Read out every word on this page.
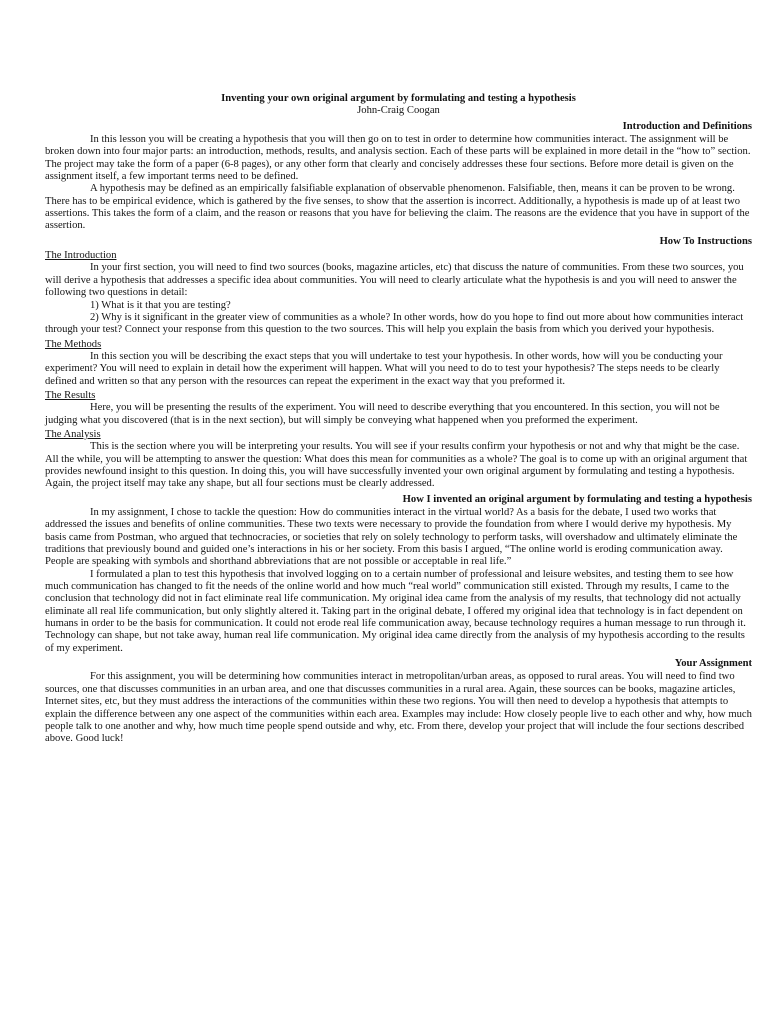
Inventing your own original argument by formulating and testing a hypothesis

John-Craig Coogan

Introduction and Definitions

In this lesson you will be creating a hypothesis that you will then go on to test in order to determine how communities interact. The assignment will be broken down into four major parts: an introduction, methods, results, and analysis section. Each of these parts will be explained in more detail in the “how to” section. The project may take the form of a paper (6-8 pages), or any other form that clearly and concisely addresses these four sections. Before more detail is given on the assignment itself, a few important terms need to be defined.

A hypothesis may be defined as an empirically falsifiable explanation of observable phenomenon. Falsifiable, then, means it can be proven to be wrong. There has to be empirical evidence, which is gathered by the five senses, to show that the assertion is incorrect. Additionally, a hypothesis is made up of at least two assertions. This takes the form of a claim, and the reason or reasons that you have for believing the claim. The reasons are the evidence that you have in support of the assertion.

How To Instructions

The Introduction

In your first section, you will need to find two sources (books, magazine articles, etc) that discuss the nature of communities. From these two sources, you will derive a hypothesis that addresses a specific idea about communities. You will need to clearly articulate what the hypothesis is and you will need to answer the following two questions in detail:

1) What is it that you are testing?

2) Why is it significant in the greater view of communities as a whole? In other words, how do you hope to find out more about how communities interact through your test? Connect your response from this question to the two sources. This will help you explain the basis from which you derived your hypothesis.

The Methods

In this section you will be describing the exact steps that you will undertake to test your hypothesis. In other words, how will you be conducting your experiment? You will need to explain in detail how the experiment will happen. What will you need to do to test your hypothesis? The steps needs to be clearly defined and written so that any person with the resources can repeat the experiment in the exact way that you preformed it.

The Results

Here, you will be presenting the results of the experiment. You will need to describe everything that you encountered. In this section, you will not be judging what you discovered (that is in the next section), but will simply be conveying what happened when you preformed the experiment.

The Analysis

This is the section where you will be interpreting your results. You will see if your results confirm your hypothesis or not and why that might be the case. All the while, you will be attempting to answer the question: What does this mean for communities as a whole? The goal is to come up with an original argument that provides newfound insight to this question. In doing this, you will have successfully invented your own original argument by formulating and testing a hypothesis. Again, the project itself may take any shape, but all four sections must be clearly addressed.

How I invented an original argument by formulating and testing a hypothesis

In my assignment, I chose to tackle the question: How do communities interact in the virtual world? As a basis for the debate, I used two works that addressed the issues and benefits of online communities. These two texts were necessary to provide the foundation from where I would derive my hypothesis. My basis came from Postman, who argued that technocracies, or societies that rely on solely technology to perform tasks, will overshadow and ultimately eliminate the traditions that previously bound and guided one’s interactions in his or her society. From this basis I argued, “The online world is eroding communication away. People are speaking with symbols and shorthand abbreviations that are not possible or acceptable in real life.”

I formulated a plan to test this hypothesis that involved logging on to a certain number of professional and leisure websites, and testing them to see how much communication has changed to fit the needs of the online world and how much “real world” communication still existed. Through my results, I came to the conclusion that technology did not in fact eliminate real life communication. My original idea came from the analysis of my results, that technology did not actually eliminate all real life communication, but only slightly altered it. Taking part in the original debate, I offered my original idea that technology is in fact dependent on humans in order to be the basis for communication. It could not erode real life communication away, because technology requires a human message to run through it. Technology can shape, but not take away, human real life communication. My original idea came directly from the analysis of my hypothesis according to the results of my experiment.

Your Assignment

For this assignment, you will be determining how communities interact in metropolitan/urban areas, as opposed to rural areas. You will need to find two sources, one that discusses communities in an urban area, and one that discusses communities in a rural area. Again, these sources can be books, magazine articles, Internet sites, etc, but they must address the interactions of the communities within these two regions. You will then need to develop a hypothesis that attempts to explain the difference between any one aspect of the communities within each area. Examples may include: How closely people live to each other and why, how much people talk to one another and why, how much time people spend outside and why, etc. From there, develop your project that will include the four sections described above. Good luck!
